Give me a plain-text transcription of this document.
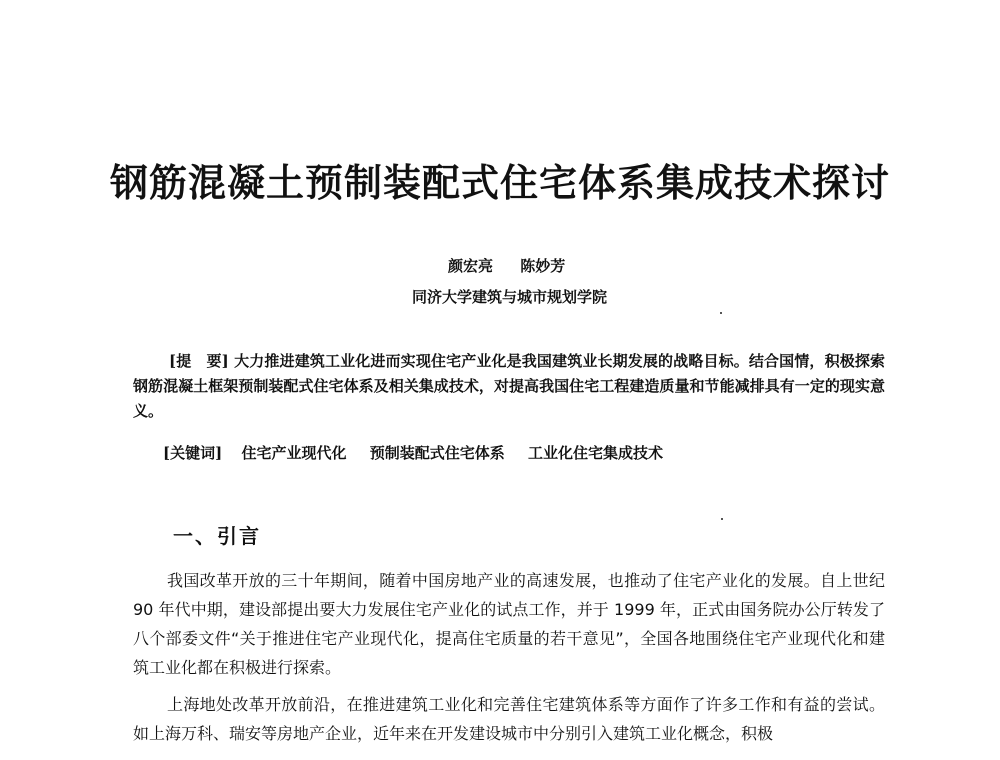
钢筋混凝土预制装配式住宅体系集成技术探讨
颜宏亮 陈妙芳
同济大学建筑与城市规划学院

[提　要] 大力推进建筑工业化进而实现住宅产业化是我国建筑业长期发展的战略目标。结合国情，积极探索钢筋混凝土框架预制装配式住宅体系及相关集成技术，对提高我国住宅工程建造质量和节能减排具有一定的现实意义。

[关键词] 住宅产业现代化 预制装配式住宅体系 工业化住宅集成技术
一、引言

我国改革开放的三十年期间，随着中国房地产业的高速发展，也推动了住宅产业化的发展。自上世纪 90 年代中期，建设部提出要大力发展住宅产业化的试点工作，并于 1999 年，正式由国务院办公厅转发了八个部委文件“关于推进住宅产业现代化，提高住宅质量的若干意见”，全国各地围绕住宅产业现代化和建筑工业化都在积极进行探索。

上海地处改革开放前沿，在推进建筑工业化和完善住宅建筑体系等方面作了许多工作和有益的尝试。如上海万科、瑞安等房地产企业，近年来在开发建设城市中分别引入建筑工业化概念，积极
